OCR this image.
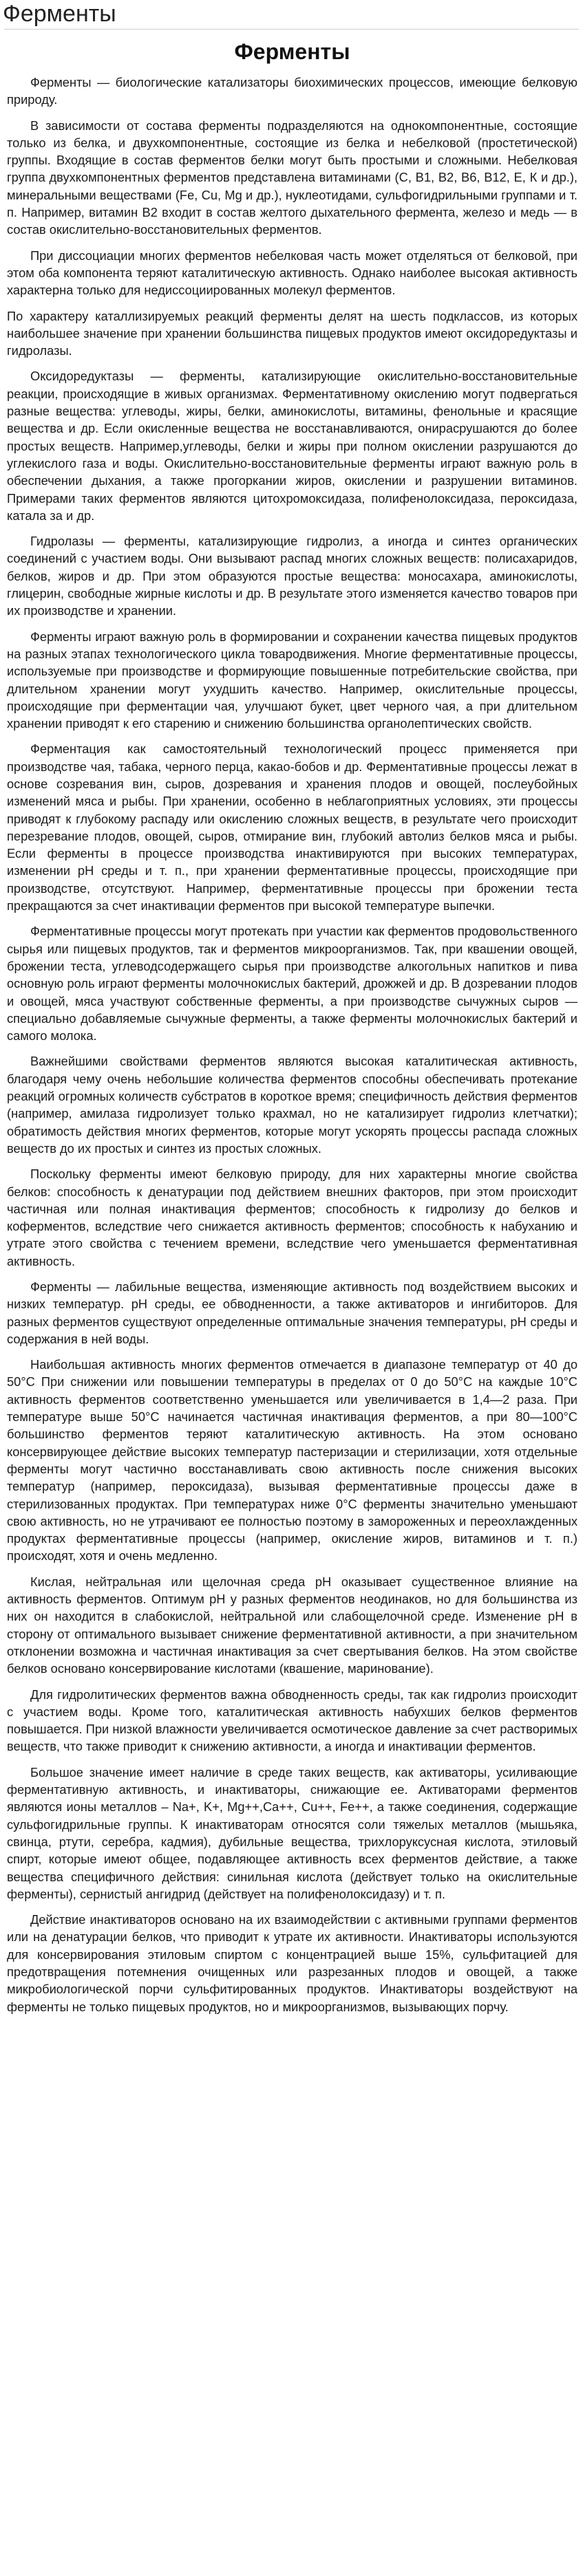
Ферменты
Ферменты

Ферменты — биологические катализаторы биохимических процессов, имеющие белковую природу.

В зависимости от состава ферменты подразделяются на однокомпонентные, состоящие только из белка, и двухкомпонентные, состоящие из белка и небелковой (простетической) группы. Входящие в состав ферментов белки могут быть простыми и сложными. Небелковая группа двухкомпонентных ферментов представлена витаминами (С, В1, В2, В6, В12, Е, К и др.), минеральными веществами (Fe, Cu, Mg и др.), нуклеотидами, сульфогидрильными группами и т. п. Например, витамин В2 входит в состав желтого дыхательного фермента, железо и медь — в состав окислительно-восстановительных ферментов.

При диссоциации многих ферментов небелковая часть может отделяться от белковой, при этом оба компонента теряют каталитическую активность. Однако наиболее высокая активность характерна только для недиссоциированных молекул ферментов.

По характеру каталлизируемых реакций ферменты делят на шесть подклассов, из которых наибольшее значение при хранении большинства пищевых продуктов имеют оксидоредуктазы и гидролазы.

Оксидоредуктазы — ферменты, катализирующие окислительно-восстановительные реакции, происходящие в живых организмах. Ферментативному окислению могут подвергаться разные вещества: углеводы, жиры, белки, аминокислоты, витамины, фенольные и красящие вещества и др. Если окисленные вещества не восстанавливаются, онирасрушаются до более простых веществ. Например,углеводы, белки и жиры при полном окислении разрушаются до углекислого газа и воды. Окислительно-восстановительные ферменты играют важную роль в обеспечении дыхания, а также прогоркании жиров, окислении и разрушении витаминов. Примерами таких ферментов являются цитохромоксидаза, полифенолоксидаза, пероксидаза, катала за и др.

Гидролазы — ферменты, катализирующие гидролиз, а иногда и синтез органических соединений с участием воды. Они вызывают распад многих сложных веществ: полисахаридов, белков, жиров и др. При этом образуются простые вещества: моносахара, аминокислоты, глицерин, свободные жирные кислоты и др. В результате этого изменяется качество товаров при их производстве и хранении.

Ферменты играют важную роль в формировании и сохранении качества пищевых продуктов на разных этапах технологического цикла товародвижения. Многие ферментативные процессы, используемые при производстве и формирующие повышенные потребительские свойства, при длительном хранении могут ухудшить качество. Например, окислительные процессы, происходящие при ферментации чая, улучшают букет, цвет черного чая, а при длительном хранении приводят к его старению и снижению большинства органолептических свойств.

Ферментация как самостоятельный технологический процесс применяется при производстве чая, табака, черного перца, какао-бобов и др. Ферментативные процессы лежат в основе созревания вин, сыров, дозревания и хранения плодов и овощей, послеубойных изменений мяса и рыбы. При хранении, особенно в неблагоприятных условиях, эти процессы приводят к глубокому распаду или окислению сложных веществ, в результате чего происходит перезревание плодов, овощей, сыров, отмирание вин, глубокий автолиз белков мяса и рыбы. Если ферменты в процессе производства инактивируются при высоких температурах, изменении рН среды и т. п., при хранении ферментативные процессы, происходящие при производстве, отсутствуют. Например, ферментативные процессы при брожении теста прекращаются за счет инактивации ферментов при высокой температуре выпечки.

Ферментативные процессы могут протекать при участии как ферментов продовольственного сырья или пищевых продуктов, так и ферментов микроорганизмов. Так, при квашении овощей, брожении теста, углеводсодержащего сырья при производстве алкогольных напитков и пива основную роль играют ферменты молочнокислых бактерий, дрожжей и др. В дозревании плодов и овощей, мяса участвуют собственные ферменты, а при производстве сычужных сыров — специально добавляемые сычужные ферменты, а также ферменты молочнокислых бактерий и самого молока.

Важнейшими свойствами ферментов являются высокая каталитическая активность, благодаря чему очень небольшие количества ферментов способны обеспечивать протекание реакций огромных количеств субстратов в короткое время; специфичность действия ферментов (например, амилаза гидролизует только крахмал, но не катализирует гидролиз клетчатки); обратимость действия многих ферментов, которые могут ускорять процессы распада сложных веществ до их простых и синтез из простых сложных.

Поскольку ферменты имеют белковую природу, для них характерны многие свойства белков: способность к денатурации под действием внешних факторов, при этом происходит частичная или полная инактивация ферментов; способность к гидролизу до белков и коферментов, вследствие чего снижается активность ферментов; способность к набуханию и утрате этого свойства с течением времени, вследствие чего уменьшается ферментативная активность.

Ферменты — лабильные вещества, изменяющие активность под воздействием высоких и низких температур. рН среды, ее обводненности, а также активаторов и ингибиторов. Для разных ферментов существуют определенные оптимальные значения температуры, рН среды и содержания в ней воды.

Наибольшая активность многих ферментов отмечается в диапазоне температур от 40 до 50°С При снижении или повышении температуры в пределах от 0 до 50°С на каждые 10°С активность ферментов соответственно уменьшается или увеличивается в 1,4—2 раза. При температуре выше 50°С начинается частичная инактивация ферментов, а при 80—100°С большинство ферментов теряют каталитическую активность. На этом основано консервирующее действие высоких температур пастеризации и стерилизации, хотя отдельные ферменты могут частично восстанавливать свою активность после снижения высоких температур (например, пероксидаза), вызывая ферментативные процессы даже в стерилизованных продуктах. При температурах ниже 0°С ферменты значительно уменьшают свою активность, но не утрачивают ее полностью поэтому в замороженных и переохлажденных продуктах ферментативные процессы (например, окисление жиров, витаминов и т. п.) происходят, хотя и очень медленно.

Кислая, нейтральная или щелочная среда рН оказывает существенное влияние на активность ферментов. Оптимум рН у разных ферментов неодинаков, но для большинства из них он находится в слабокислой, нейтральной или слабощелочной среде. Изменение рН в сторону от оптимального вызывает снижение ферментативной активности, а при значительном отклонении возможна и частичная инактивация за счет свертывания белков. На этом свойстве белков основано консервирование кислотами (квашение, маринование).

Для гидролитических ферментов важна обводненность среды, так как гидролиз происходит с участием воды. Кроме того, каталитическая активность набухших белков ферментов повышается. При низкой влажности увеличивается осмотическое давление за счет растворимых веществ, что также приводит к снижению активности, а иногда и инактивации ферментов.

Большое значение имеет наличие в среде таких веществ, как активаторы, усиливающие ферментативную активность, и инактиваторы, снижающие ее. Активаторами ферментов являются ионы металлов – Na+, K+, Mg++,Ca++, Cu++, Fe++, а также соединения, содержащие сульфогидрильные группы. К инактиваторам относятся соли тяжелых металлов (мышьяка, свинца, ртути, серебра, кадмия), дубильные вещества, трихлоруксусная кислота, этиловый спирт, которые имеют общее, подавляющее активность всех ферментов действие, а также вещества специфичного действия: синильная кислота (действует только на окислительные ферменты), сернистый ангидрид (действует на полифенолоксидазу) и т. п.

Действие инактиваторов основано на их взаимодействии с активными группами ферментов или на денатурации белков, что приводит к утрате их активности. Инактиваторы используются для консервирования этиловым спиртом с концентрацией выше 15%, сульфитацией для предотвращения потемнения очищенных или разрезанных плодов и овощей, а также микробиологической порчи сульфитированных продуктов. Инактиваторы воздействуют на ферменты не только пищевых продуктов, но и микроорганизмов, вызывающих порчу.
